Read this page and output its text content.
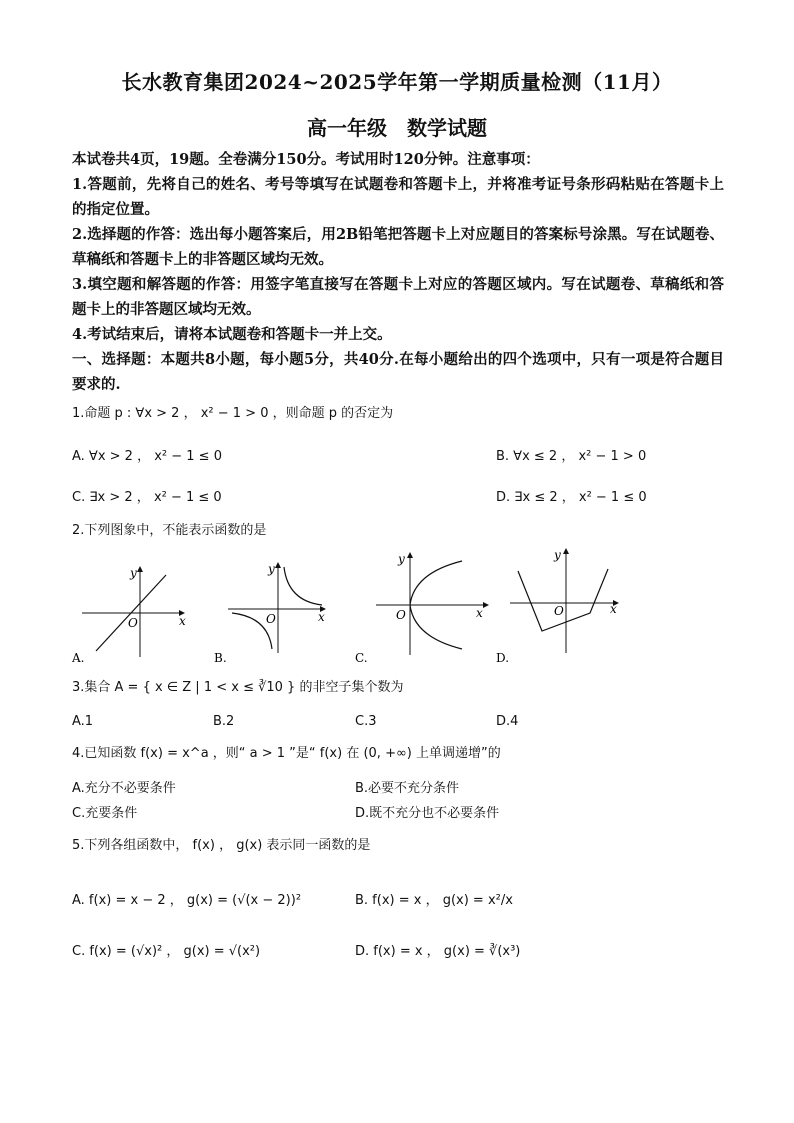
长水教育集团2024~2025学年第一学期质量检测（11月）
高一年级　数学试题

本试卷共4页，19题。全卷满分150分。考试用时120分钟。注意事项：

1.答题前，先将自己的姓名、考号等填写在试题卷和答题卡上，并将准考证号条形码粘贴在答题卡上的指定位置。

2.选择题的作答：选出每小题答案后，用2B铅笔把答题卡上对应题目的答案标号涂黑。写在试题卷、草稿纸和答题卡上的非答题区域均无效。

3.填空题和解答题的作答：用签字笔直接写在答题卡上对应的答题区域内。写在试题卷、草稿纸和答题卡上的非答题区域均无效。

4.考试结束后，请将本试题卷和答题卡一并上交。

一、选择题：本题共8小题，每小题5分，共40分.在每小题给出的四个选项中，只有一项是符合题目要求的.

1.命题 p : ∀x > 2 ， x² − 1 > 0 ，则命题 p 的否定为
A. ∀x > 2 ， x² − 1 ≤ 0	B. ∀x ≤ 2 ， x² − 1 > 0
C. ∃x > 2 ， x² − 1 ≤ 0	D. ∃x ≤ 2 ， x² − 1 ≤ 0
2.下列图象中，不能表示函数的是
O	x
y
A.
O	x
y
B.
O	x
y
C.
O	x
y
D.
3.集合 A = { x ∈ Z | 1 < x ≤ ∛10 } 的非空子集个数为
A.1	B.2	C.3	D.4
4.已知函数 f(x) = x^a ，则“ a > 1 ”是“ f(x) 在 (0, +∞) 上单调递增”的
A.充分不必要条件	B.必要不充分条件
C.充要条件	D.既不充分也不必要条件
5.下列各组函数中， f(x) ， g(x) 表示同一函数的是
A. f(x) = x − 2 ， g(x) = (√(x − 2))²	B. f(x) = x ， g(x) = x²/x
C. f(x) = (√x)² ， g(x) = √(x²)	D. f(x) = x ， g(x) = ∛(x³)
